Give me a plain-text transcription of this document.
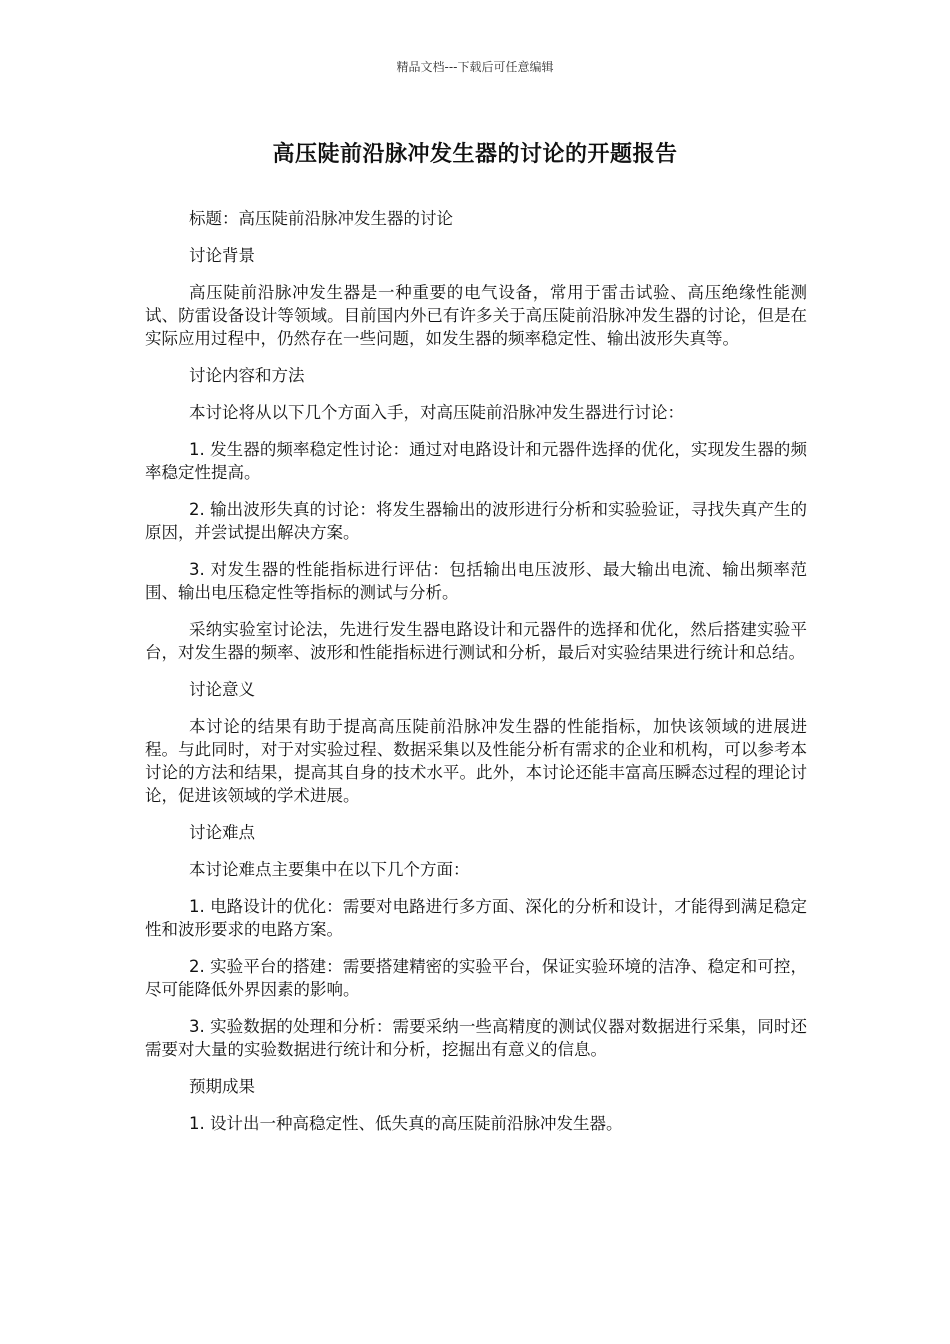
精品文档---下载后可任意编辑
高压陡前沿脉冲发生器的讨论的开题报告

标题：高压陡前沿脉冲发生器的讨论

讨论背景

高压陡前沿脉冲发生器是一种重要的电气设备，常用于雷击试验、高压绝缘性能测试、防雷设备设计等领域。目前国内外已有许多关于高压陡前沿脉冲发生器的讨论，但是在实际应用过程中，仍然存在一些问题，如发生器的频率稳定性、输出波形失真等。

讨论内容和方法

本讨论将从以下几个方面入手，对高压陡前沿脉冲发生器进行讨论：

1. 发生器的频率稳定性讨论：通过对电路设计和元器件选择的优化，实现发生器的频率稳定性提高。

2. 输出波形失真的讨论：将发生器输出的波形进行分析和实验验证，寻找失真产生的原因，并尝试提出解决方案。

3. 对发生器的性能指标进行评估：包括输出电压波形、最大输出电流、输出频率范围、输出电压稳定性等指标的测试与分析。

采纳实验室讨论法，先进行发生器电路设计和元器件的选择和优化，然后搭建实验平台，对发生器的频率、波形和性能指标进行测试和分析，最后对实验结果进行统计和总结。

讨论意义

本讨论的结果有助于提高高压陡前沿脉冲发生器的性能指标，加快该领域的进展进程。与此同时，对于对实验过程、数据采集以及性能分析有需求的企业和机构，可以参考本讨论的方法和结果，提高其自身的技术水平。此外，本讨论还能丰富高压瞬态过程的理论讨论，促进该领域的学术进展。

讨论难点

本讨论难点主要集中在以下几个方面：

1. 电路设计的优化：需要对电路进行多方面、深化的分析和设计，才能得到满足稳定性和波形要求的电路方案。

2. 实验平台的搭建：需要搭建精密的实验平台，保证实验环境的洁净、稳定和可控，尽可能降低外界因素的影响。

3. 实验数据的处理和分析：需要采纳一些高精度的测试仪器对数据进行采集，同时还需要对大量的实验数据进行统计和分析，挖掘出有意义的信息。

预期成果

1. 设计出一种高稳定性、低失真的高压陡前沿脉冲发生器。
